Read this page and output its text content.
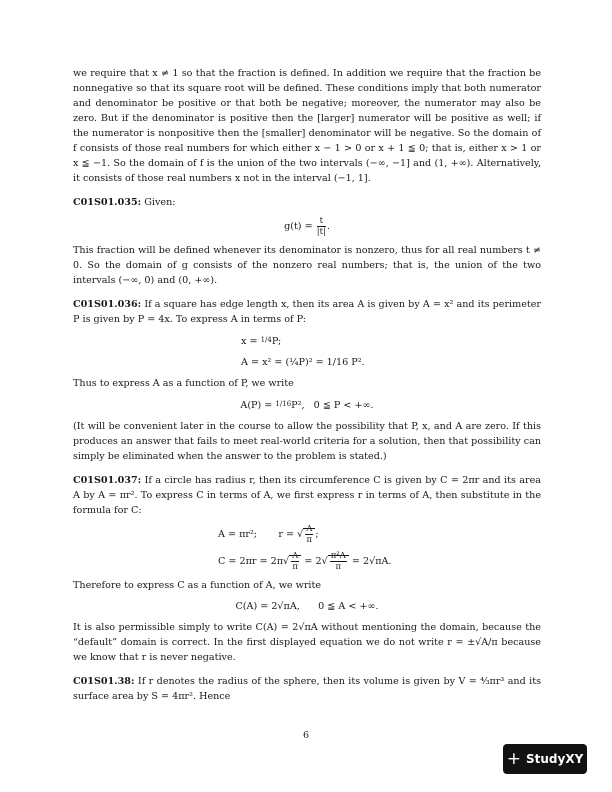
we require that x ≠ 1 so that the fraction is defined. In addition we require that the fraction be nonnegative so that its square root will be defined. These conditions imply that both numerator and denominator be positive or that both be negative; moreover, the numerator may also be zero. But if the denominator is positive then the [larger] numerator will be positive as well; if the numerator is nonpositive then the [smaller] denominator will be negative. So the domain of f consists of those real numbers for which either x − 1 > 0 or x + 1 ≦ 0; that is, either x > 1 or x ≦ −1. So the domain of f is the union of the two intervals (−∞, −1] and (1, +∞). Alternatively, it consists of those real numbers x not in the interval (−1, 1].

C01S01.035: Given:

$g(t) = \frac{t}{|t|}$ .

This fraction will be defined whenever its denominator is nonzero, thus for all real numbers t ≠ 0. So the domain of g consists of the nonzero real numbers; that is, the union of the two intervals (−∞, 0) and (0, +∞).

C01S01.036: If a square has edge length x, then its area A is given by A = x² and its perimeter P is given by P = 4x. To express A in terms of P:

x = $^{1/4}$P;
A = x² = (¼P)² = 1/16 P².

Thus to express A as a function of P, we write

A(P) = $^{1/16}$P², 0 ≦ P < +∞.

(It will be convenient later in the course to allow the possibility that P, x, and A are zero. If this produces an answer that fails to meet real-world criteria for a solution, then that possibility can simply be eliminated when the answer to the problem is stated.)

C01S01.037: If a circle has radius r, then its circumference C is given by C = 2πr and its area A by A = πr². To express C in terms of A, we first express r in terms of A, then substitute in the formula for C:

A = πr²; r = √ $\frac{A}{\pi}$ ;
$C = 2\pi r = 2\pi√ \frac{A}{\pi} = 2√ \frac{\text{π²A}}{\pi} = 2√\pi A$.

Therefore to express C as a function of A, we write

C(A) = 2√πA, 0 ≦ A < +∞.

It is also permissible simply to write C(A) = 2√πA without mentioning the domain, because the “default” domain is correct. In the first displayed equation we do not write r = ±√A/π because we know that r is never negative.

C01S01.38: If r denotes the radius of the sphere, then its volume is given by V = ⁴⁄₃πr³ and its surface area by S = 4πr². Hence

6
+ StudyXY
